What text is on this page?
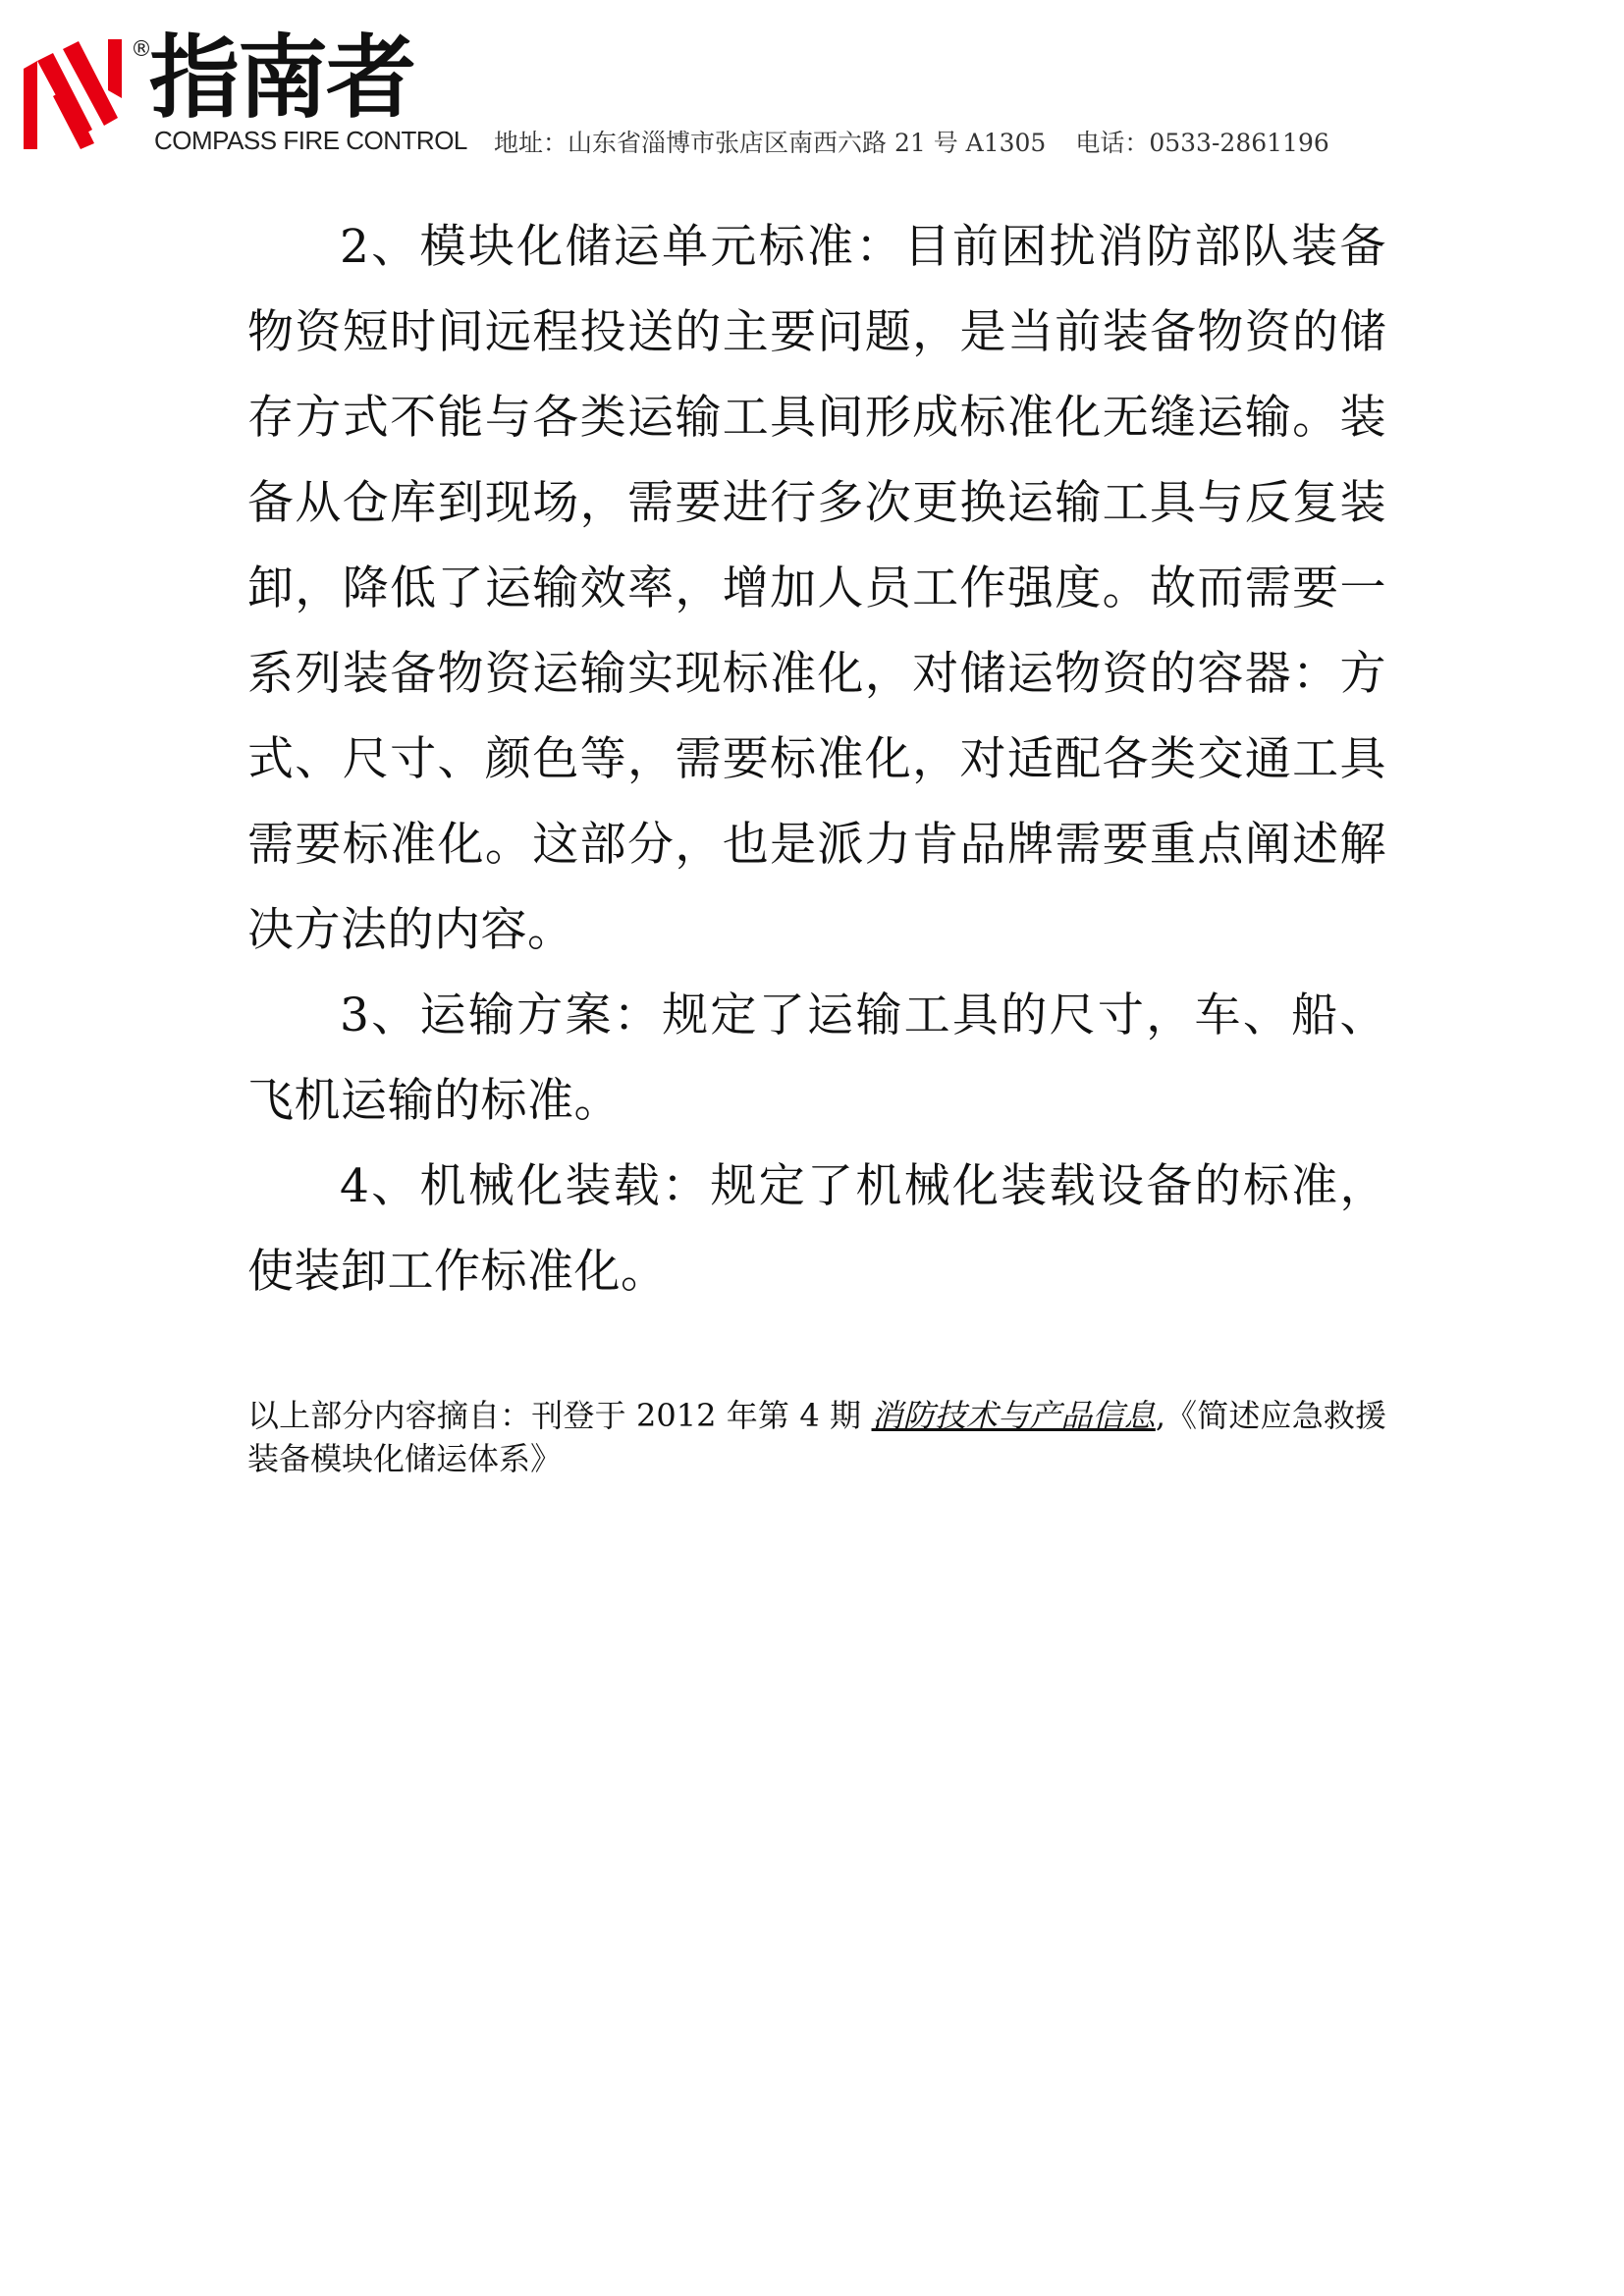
®
指南者
COMPASS FIRE CONTROL 地址：山东省淄博市张店区南西六路 21 号 A1305 电话：0533-2861196

2、模块化储运单元标准：目前困扰消防部队装备物资短时间远程投送的主要问题，是当前装备物资的储存方式不能与各类运输工具间形成标准化无缝运输。装备从仓库到现场，需要进行多次更换运输工具与反复装卸，降低了运输效率，增加人员工作强度。故而需要一系列装备物资运输实现标准化，对储运物资的容器：方式、尺寸、颜色等，需要标准化，对适配各类交通工具需要标准化。这部分，也是派力肯品牌需要重点阐述解决方法的内容。

3、运输方案：规定了运输工具的尺寸，车、船、飞机运输的标准。

4、机械化装载：规定了机械化装载设备的标准，使装卸工作标准化。

以上部分内容摘自：刊登于 2012 年第 4 期 消防技术与产品信息,《简述应急救援装备模块化储运体系》
